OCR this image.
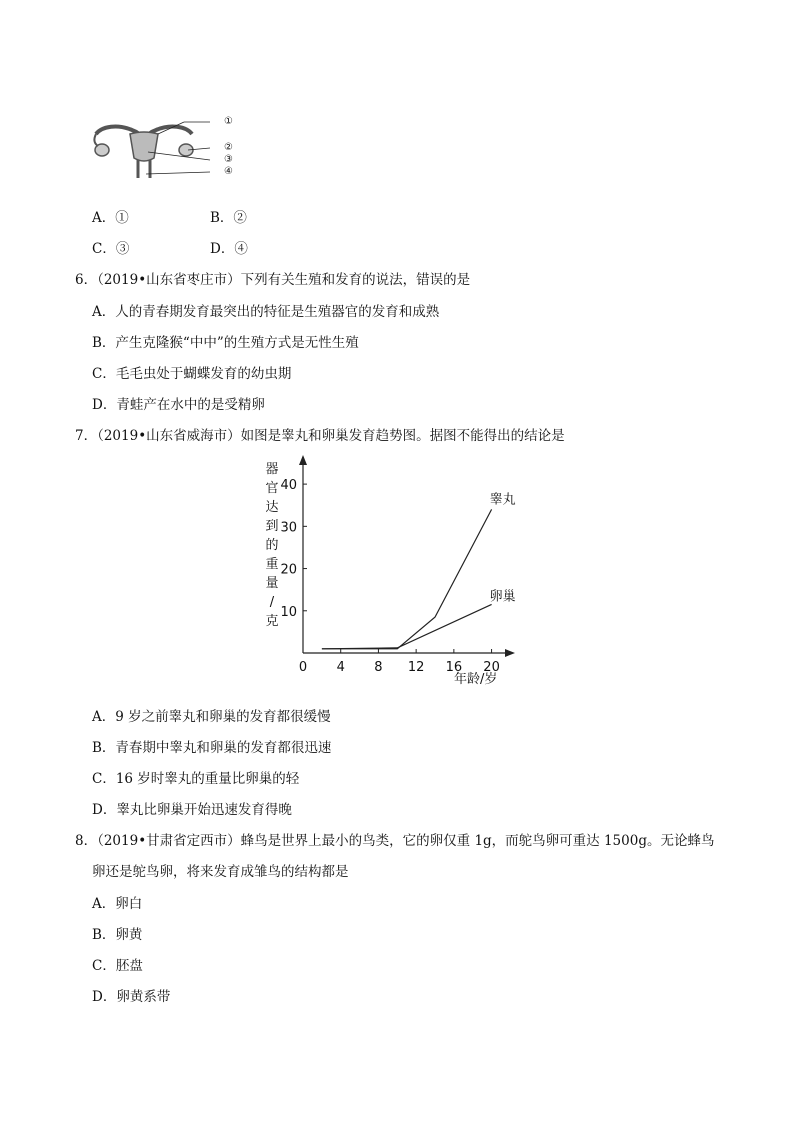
①
②
③
④
A．①	B．②
C．③	D．④
6．（2019•山东省枣庄市）下列有关生殖和发育的说法，错误的是
A．人的青春期发育最突出的特征是生殖器官的发育和成熟
B．产生克隆猴“中中”的生殖方式是无性生殖
C．毛毛虫处于蝴蝶发育的幼虫期
D．青蛙产在水中的是受精卵
7．（2019•山东省威海市）如图是睾丸和卵巢发育趋势图。据图不能得出的结论是
器官达到的重量/克
年龄/岁
0 4 8 12 16 20
10
20
30
40
睾丸
卵巢
A．9 岁之前睾丸和卵巢的发育都很缓慢
B．青春期中睾丸和卵巢的发育都很迅速
C．16 岁时睾丸的重量比卵巢的轻
D．睾丸比卵巢开始迅速发育得晚
8．（2019•甘肃省定西市）蜂鸟是世界上最小的鸟类，它的卵仅重 1g，而鸵鸟卵可重达 1500g。无论蜂鸟
卵还是鸵鸟卵，将来发育成雏鸟的结构都是
A．卵白
B．卵黄
C．胚盘
D．卵黄系带
